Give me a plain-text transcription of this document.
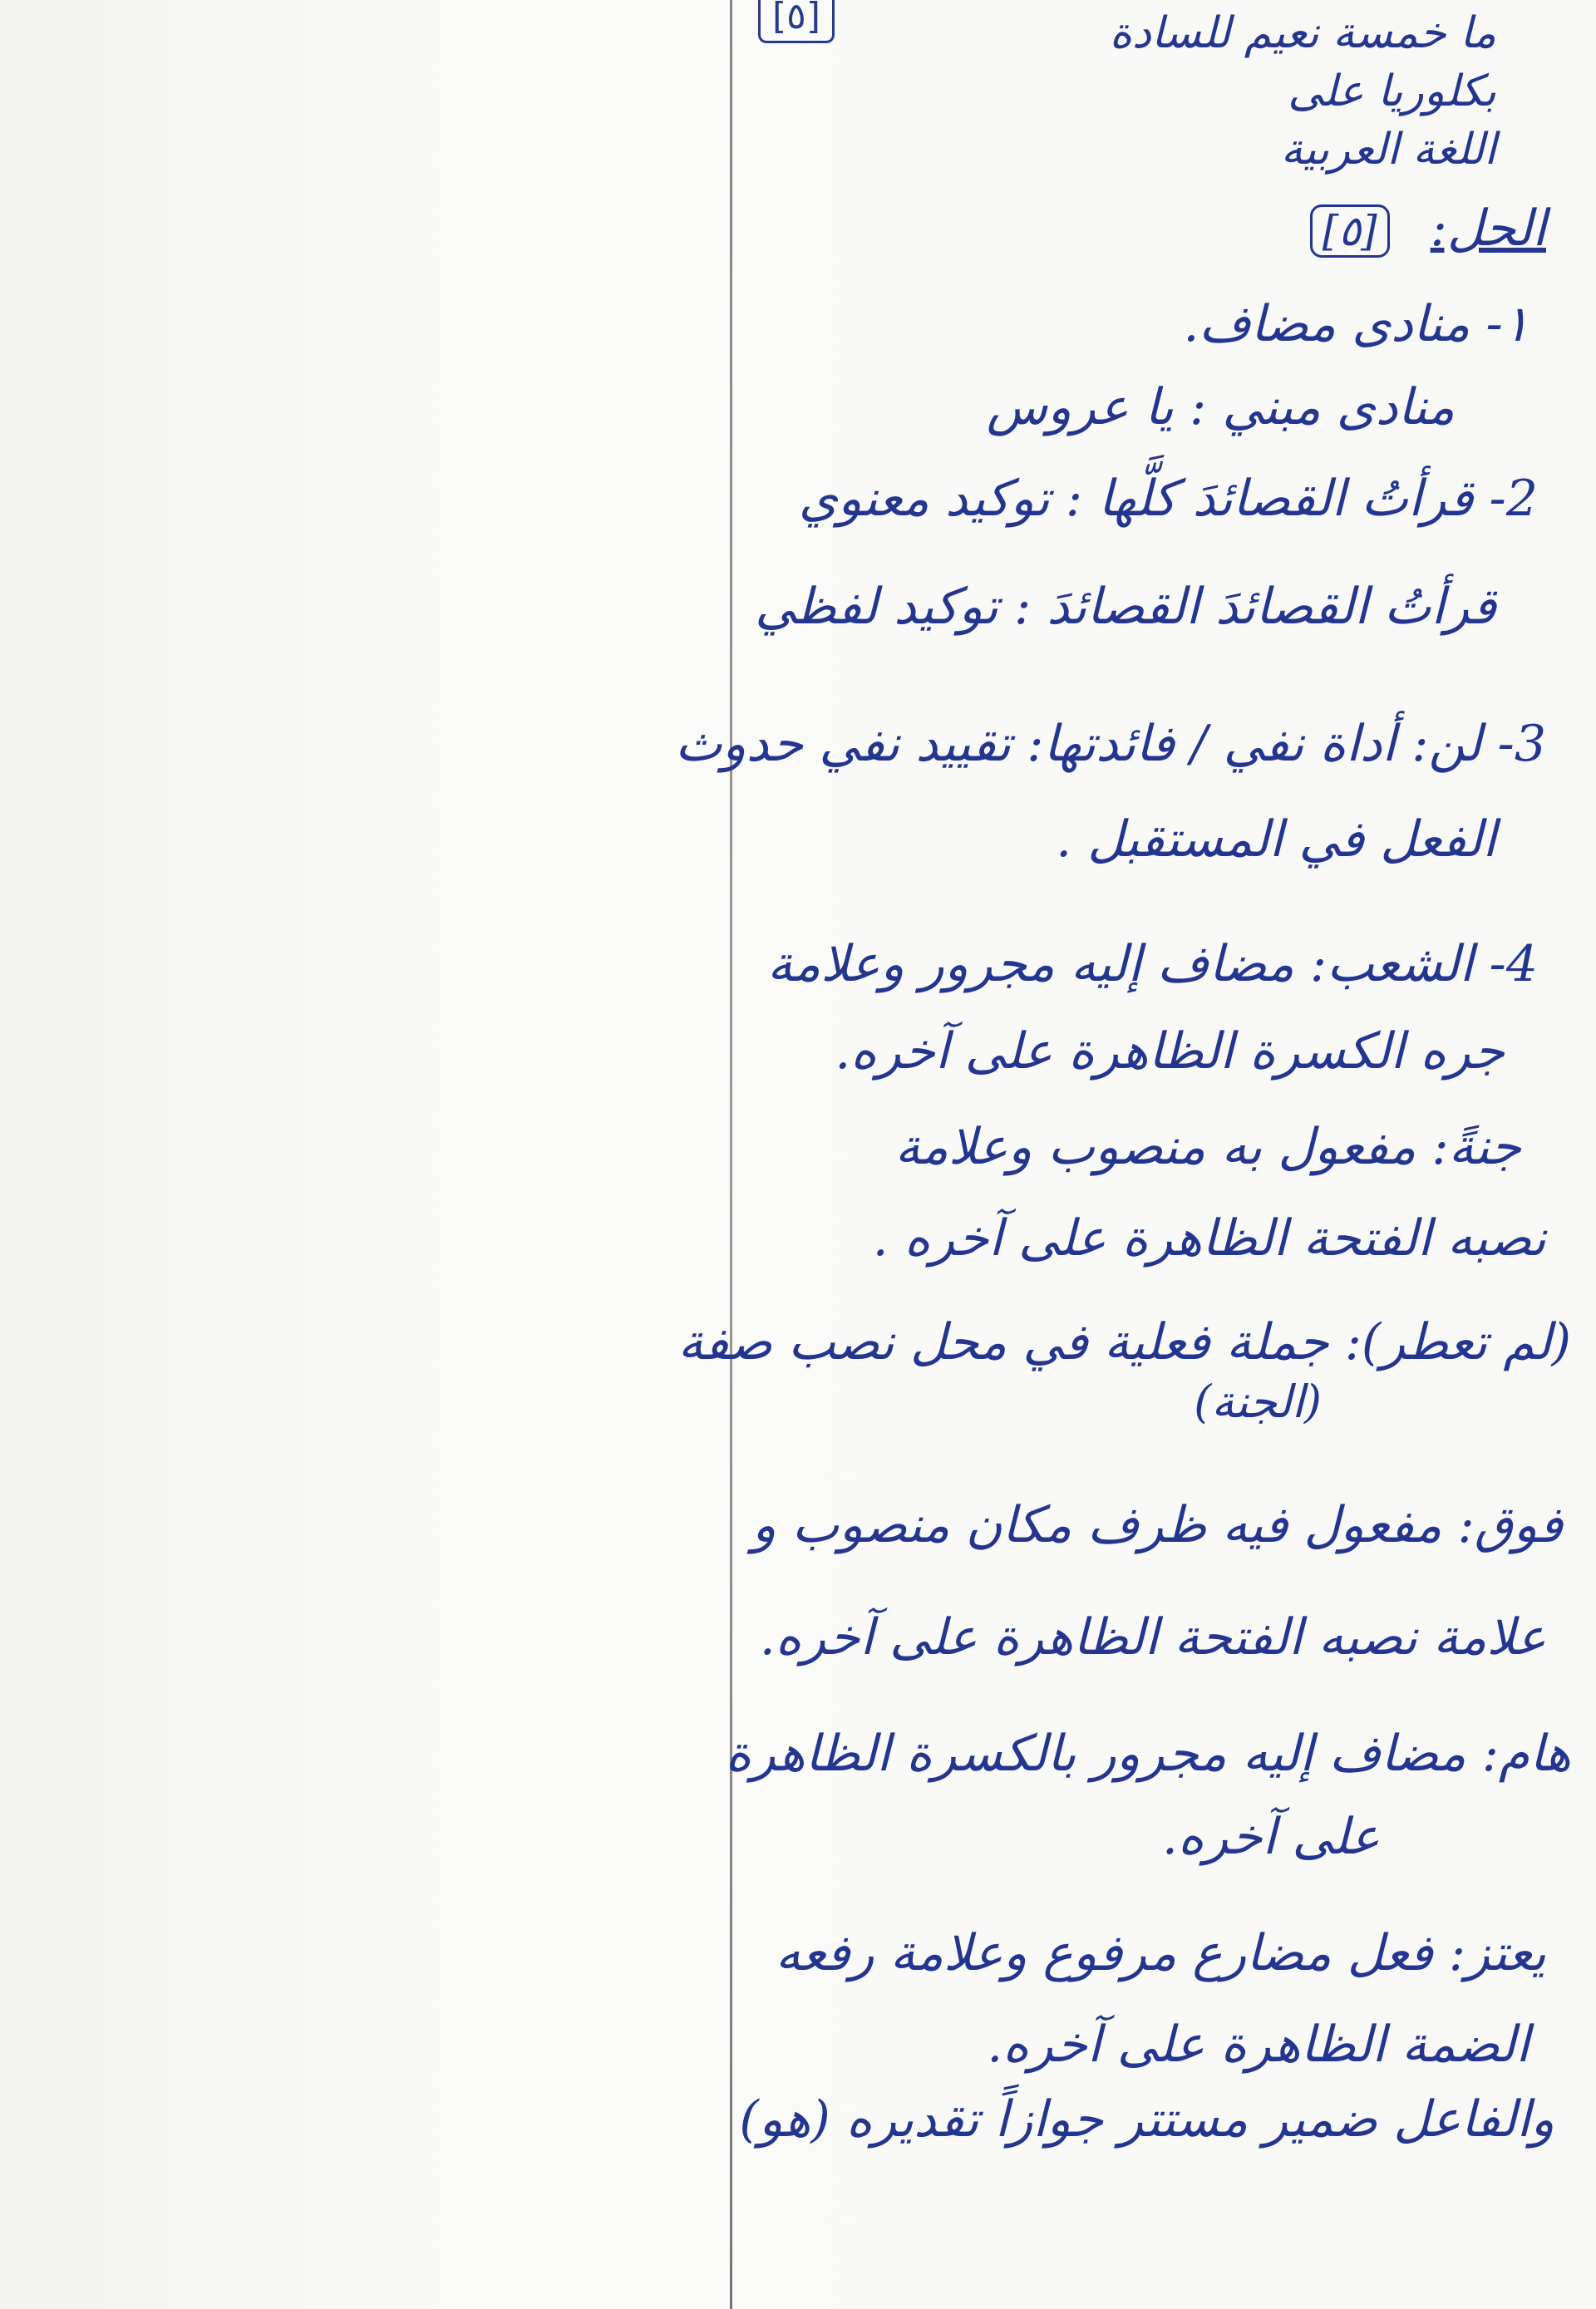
[٥]	ما خمسة نعيم للسادة
بكلوريا على
اللغة العربية
الحل: [٥]
١- منادى مضاف.
منادى مبني : يا عروس
2- قرأتُ القصائدَ كلَّها : توكيد معنوي
قرأتُ القصائدَ القصائدَ : توكيد لفظي
3- لن: أداة نفي / فائدتها: تقييد نفي حدوث
الفعل في المستقبل .
4- الشعب: مضاف إليه مجرور وعلامة
جره الكسرة الظاهرة على آخره.
جنةً: مفعول به منصوب وعلامة
نصبه الفتحة الظاهرة على آخره .
(لم تعطر): جملة فعلية في محل نصب صفة
(الجنة)
فوق: مفعول فيه ظرف مكان منصوب و
علامة نصبه الفتحة الظاهرة على آخره.
هام: مضاف إليه مجرور بالكسرة الظاهرة
على آخره.
يعتز: فعل مضارع مرفوع وعلامة رفعه
الضمة الظاهرة على آخره.
والفاعل ضمير مستتر جوازاً تقديره (هو)
